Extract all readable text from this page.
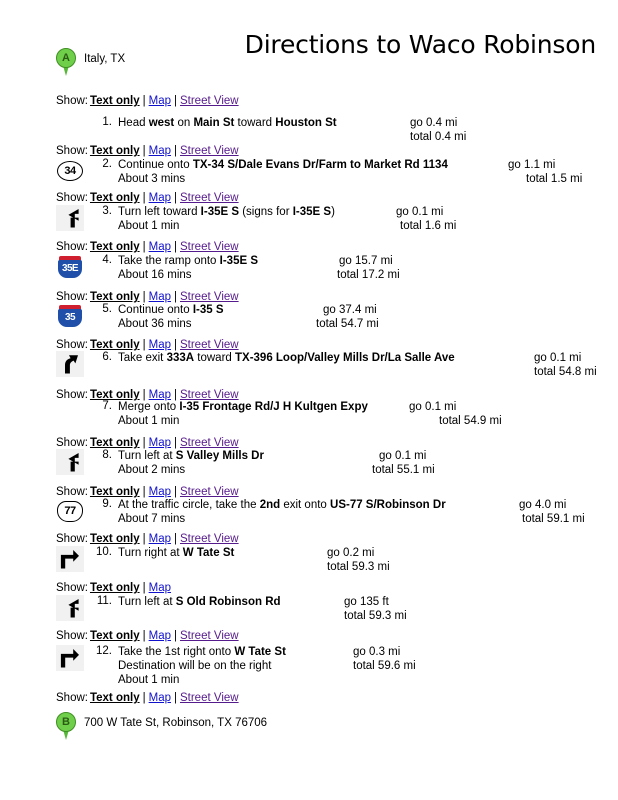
Directions to Waco Robinson
A	Italy, TX
B	700 W Tate St, Robinson, TX 76706
Show: Text only | Map | Street View
1. Head west on Main St toward Houston St	go 0.4 mi
total 0.4 mi
Show: Text only | Map | Street View
34
2. Continue onto TX-34 S/Dale Evans Dr/Farm to Market Rd 1134
About 3 mins
go 1.1 mi
total 1.5 mi
Show: Text only | Map | Street View
3. Turn left toward I-35E S (signs for I-35E S)
About 1 min
go 0.1 mi
total 1.6 mi
Show: Text only | Map | Street View
35E
4. Take the ramp onto I-35E S
About 16 mins
go 15.7 mi
total 17.2 mi
Show: Text only | Map | Street View
35
5. Continue onto I-35 S
About 36 mins
go 37.4 mi
total 54.7 mi
Show: Text only | Map | Street View
6. Take exit 333A toward TX-396 Loop/Valley Mills Dr/La Salle Ave	go 0.1 mi
total 54.8 mi
Show: Text only | Map | Street View
7. Merge onto I-35 Frontage Rd/J H Kultgen Expy
About 1 min
go 0.1 mi
total 54.9 mi
Show: Text only | Map | Street View
8. Turn left at S Valley Mills Dr
About 2 mins
go 0.1 mi
total 55.1 mi
Show: Text only | Map | Street View
77
9. At the traffic circle, take the 2nd exit onto US-77 S/Robinson Dr
About 7 mins
go 4.0 mi
total 59.1 mi
Show: Text only | Map | Street View
10. Turn right at W Tate St	go 0.2 mi
total 59.3 mi
Show: Text only | Map
11. Turn left at S Old Robinson Rd	go 135 ft
total 59.3 mi
Show: Text only | Map | Street View
12. Take the 1st right onto W Tate St
Destination will be on the right
About 1 min
go 0.3 mi
total 59.6 mi
Show: Text only | Map | Street View
